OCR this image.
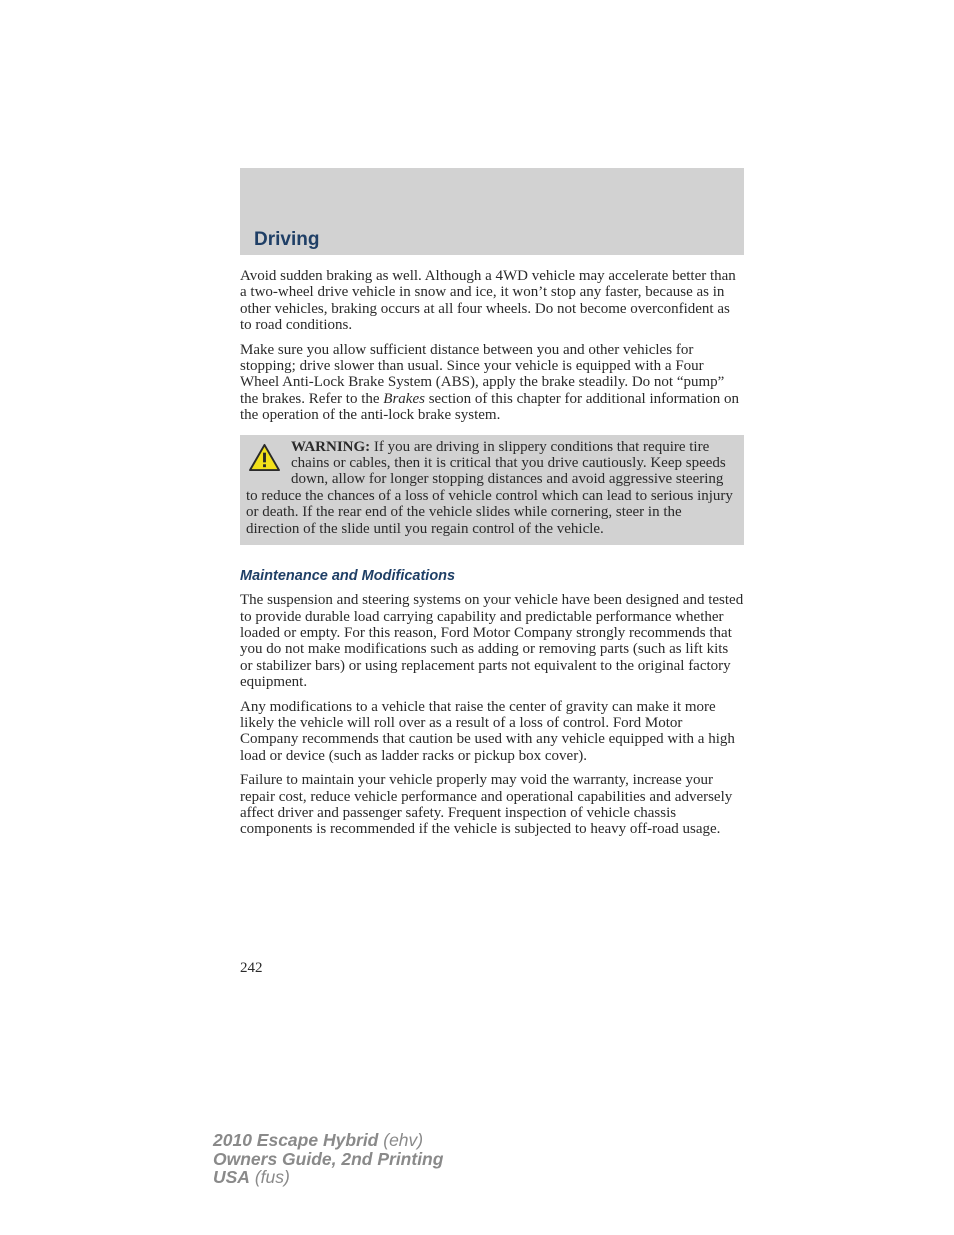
Driving

Avoid sudden braking as well. Although a 4WD vehicle may accelerate better than a two-wheel drive vehicle in snow and ice, it won’t stop any faster, because as in other vehicles, braking occurs at all four wheels. Do not become overconfident as to road conditions.

Make sure you allow sufficient distance between you and other vehicles for stopping; drive slower than usual. Since your vehicle is equipped with a Four Wheel Anti-Lock Brake System (ABS), apply the brake steadily. Do not “pump” the brakes. Refer to the Brakes section of this chapter for additional information on the operation of the anti-lock brake system.

WARNING: If you are driving in slippery conditions that require tire chains or cables, then it is critical that you drive cautiously. Keep speeds down, allow for longer stopping distances and avoid aggressive steering to reduce the chances of a loss of vehicle control which can lead to serious injury or death. If the rear end of the vehicle slides while cornering, steer in the direction of the slide until you regain control of the vehicle.
Maintenance and Modifications

The suspension and steering systems on your vehicle have been designed and tested to provide durable load carrying capability and predictable performance whether loaded or empty. For this reason, Ford Motor Company strongly recommends that you do not make modifications such as adding or removing parts (such as lift kits or stabilizer bars) or using replacement parts not equivalent to the original factory equipment.

Any modifications to a vehicle that raise the center of gravity can make it more likely the vehicle will roll over as a result of a loss of control. Ford Motor Company recommends that caution be used with any vehicle equipped with a high load or device (such as ladder racks or pickup box cover).

Failure to maintain your vehicle properly may void the warranty, increase your repair cost, reduce vehicle performance and operational capabilities and adversely affect driver and passenger safety. Frequent inspection of vehicle chassis components is recommended if the vehicle is subjected to heavy off-road usage.

242
2010 Escape Hybrid (ehv)
Owners Guide, 2nd Printing
USA (fus)
